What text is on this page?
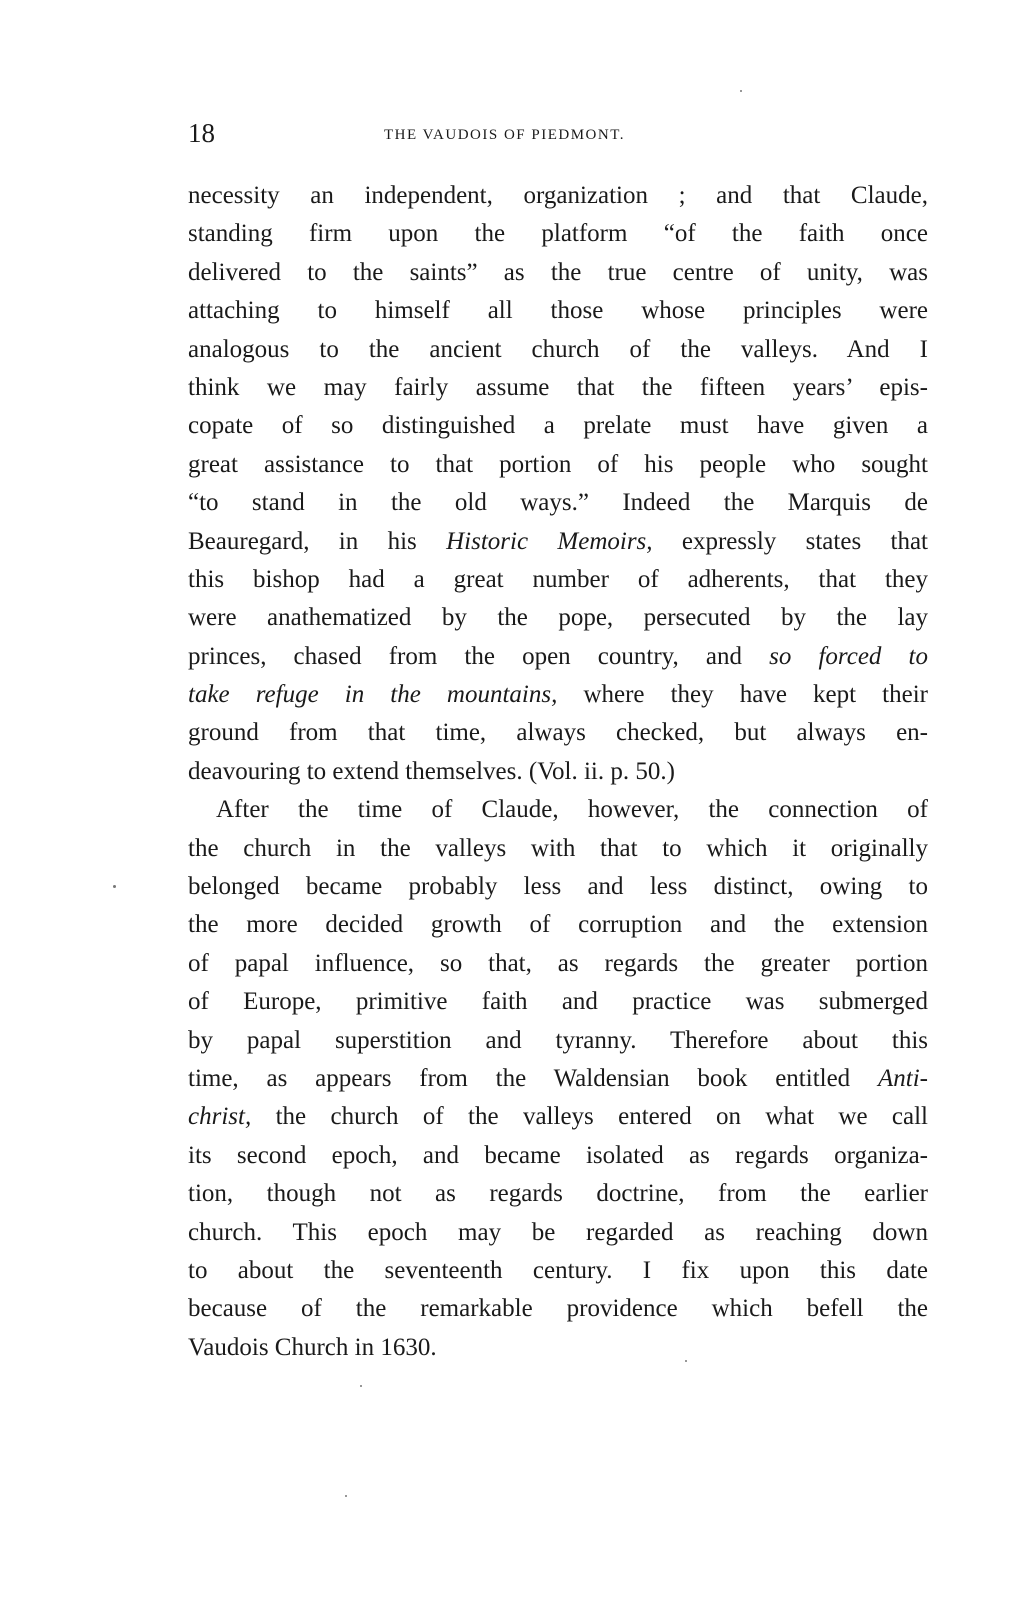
18	THE VAUDOIS OF PIEDMONT.
necessity an independent, organization ; and that Claude,
standing firm upon the platform “of the faith once
delivered to the saints” as the true centre of unity, was
attaching to himself all those whose principles were
analogous to the ancient church of the valleys. And I
think we may fairly assume that the fifteen years’ epis-
copate of so distinguished a prelate must have given a
great assistance to that portion of his people who sought
“to stand in the old ways.” Indeed the Marquis de
Beauregard, in his Historic Memoirs, expressly states that
this bishop had a great number of adherents, that they
were anathematized by the pope, persecuted by the lay
princes, chased from the open country, and so forced to
take refuge in the mountains, where they have kept their
ground from that time, always checked, but always en-
deavouring to extend themselves. (Vol. ii. p. 50.)
After the time of Claude, however, the connection of
the church in the valleys with that to which it originally
belonged became probably less and less distinct, owing to
the more decided growth of corruption and the extension
of papal influence, so that, as regards the greater portion
of Europe, primitive faith and practice was submerged
by papal superstition and tyranny. Therefore about this
time, as appears from the Waldensian book entitled Anti-
christ, the church of the valleys entered on what we call
its second epoch, and became isolated as regards organiza-
tion, though not as regards doctrine, from the earlier
church. This epoch may be regarded as reaching down
to about the seventeenth century. I fix upon this date
because of the remarkable providence which befell the
Vaudois Church in 1630.
